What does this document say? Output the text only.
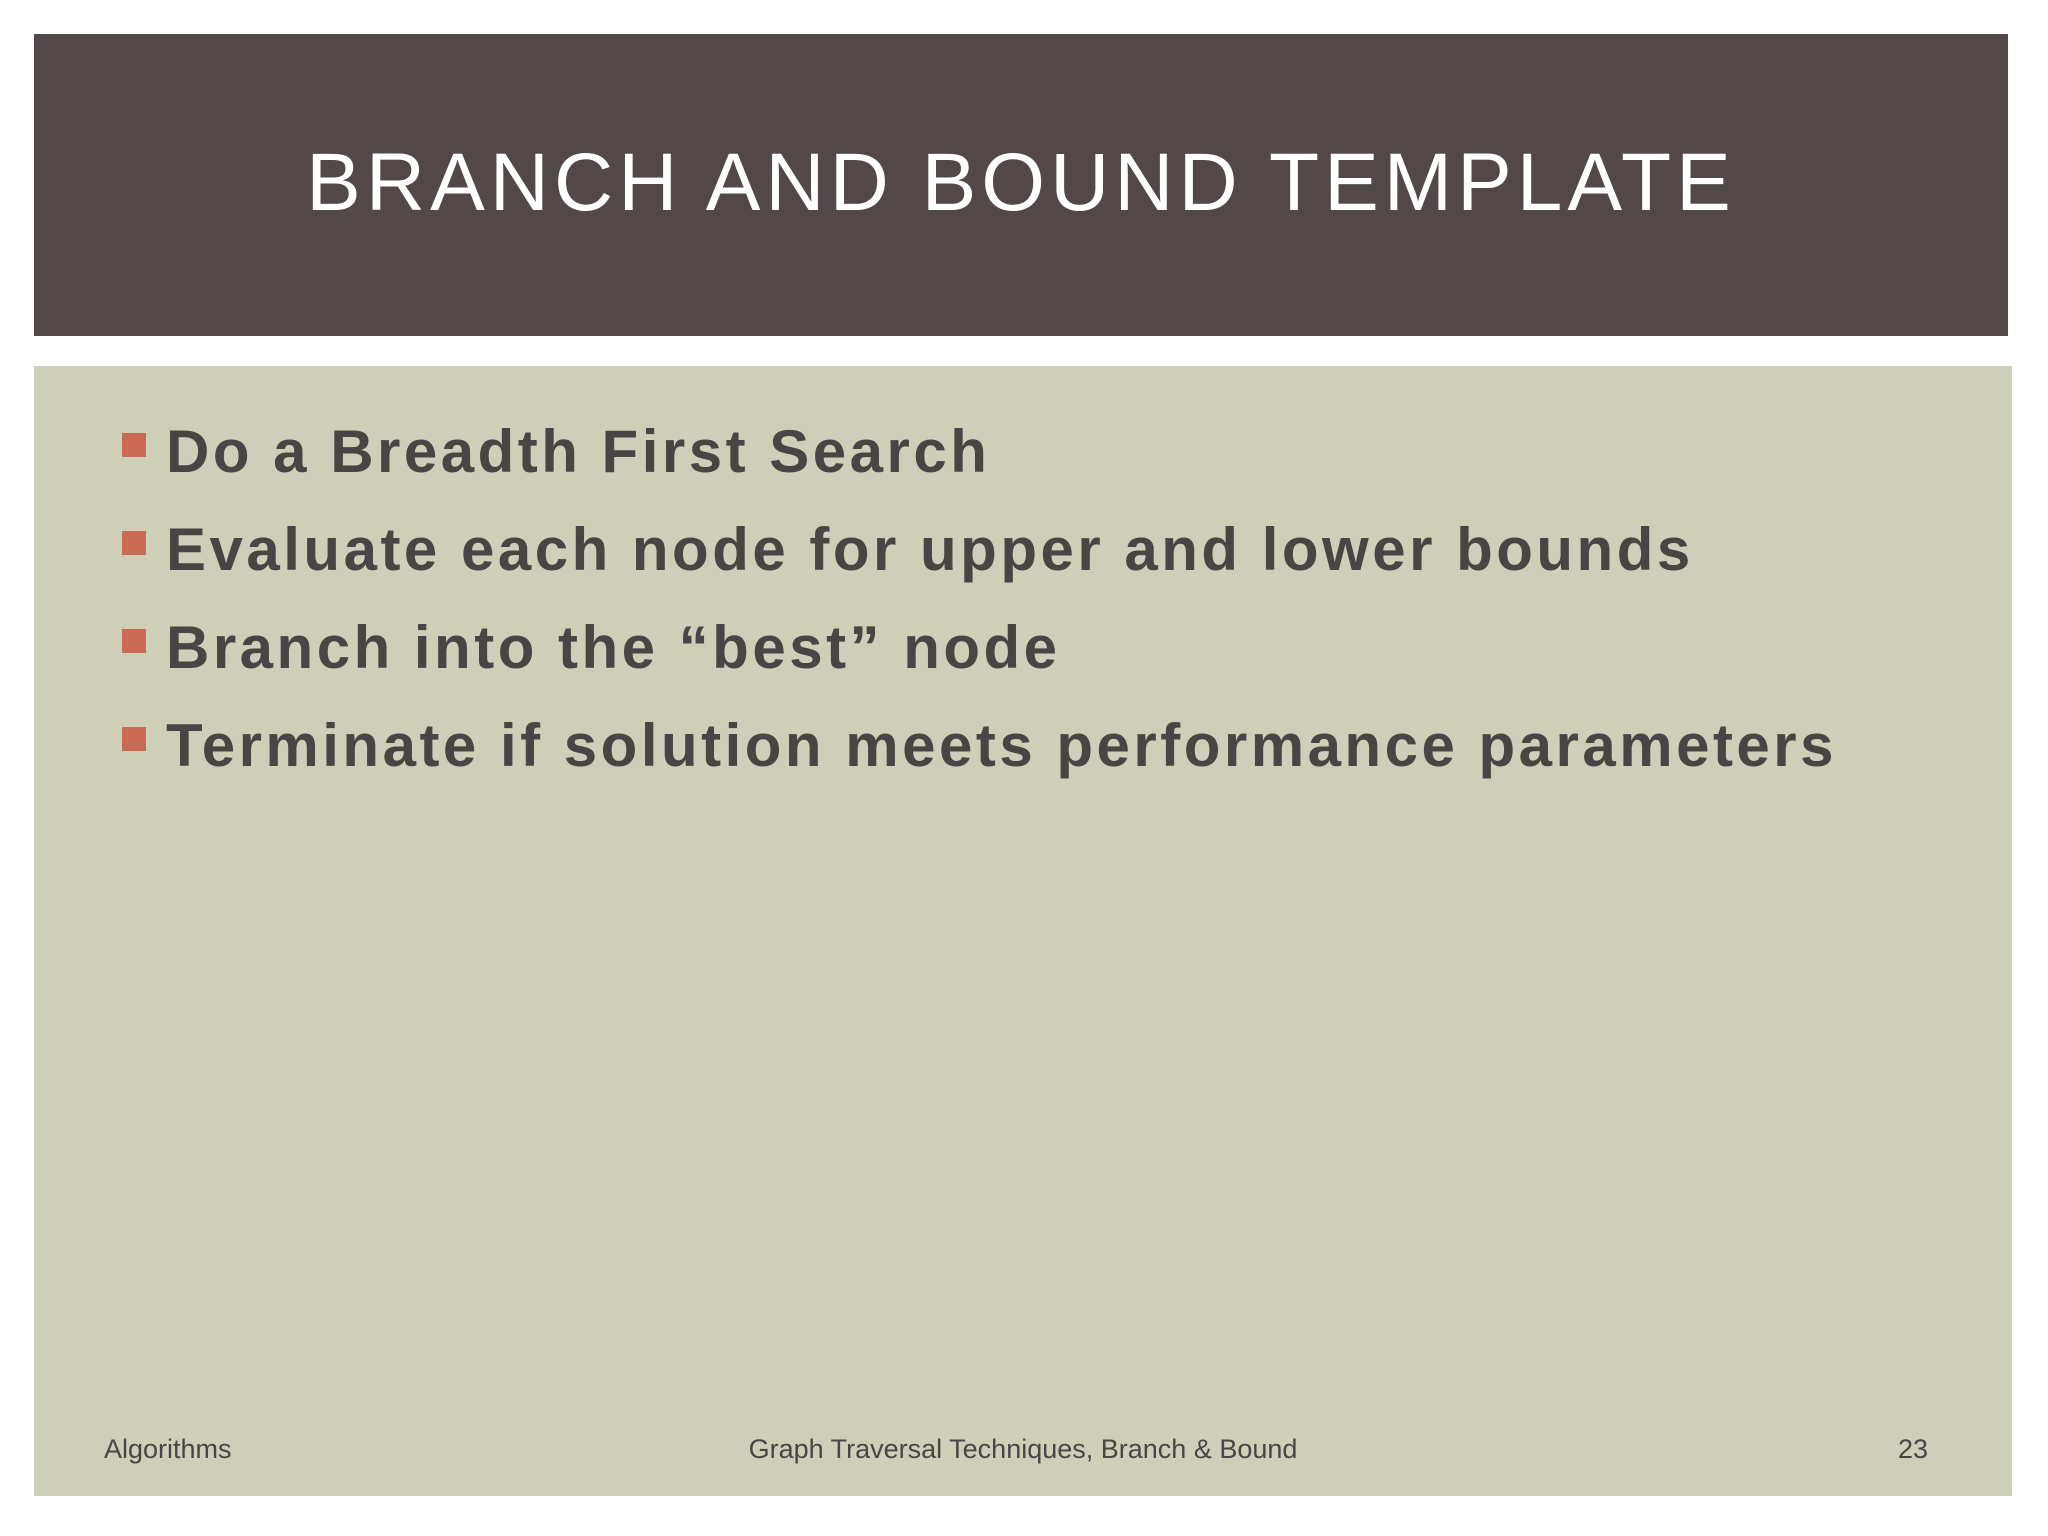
BRANCH AND BOUND TEMPLATE
Do a Breadth First Search
Evaluate each node for upper and lower bounds
Branch into the “best” node
Terminate if solution meets performance parameters
Algorithms	Graph Traversal Techniques, Branch & Bound	23
